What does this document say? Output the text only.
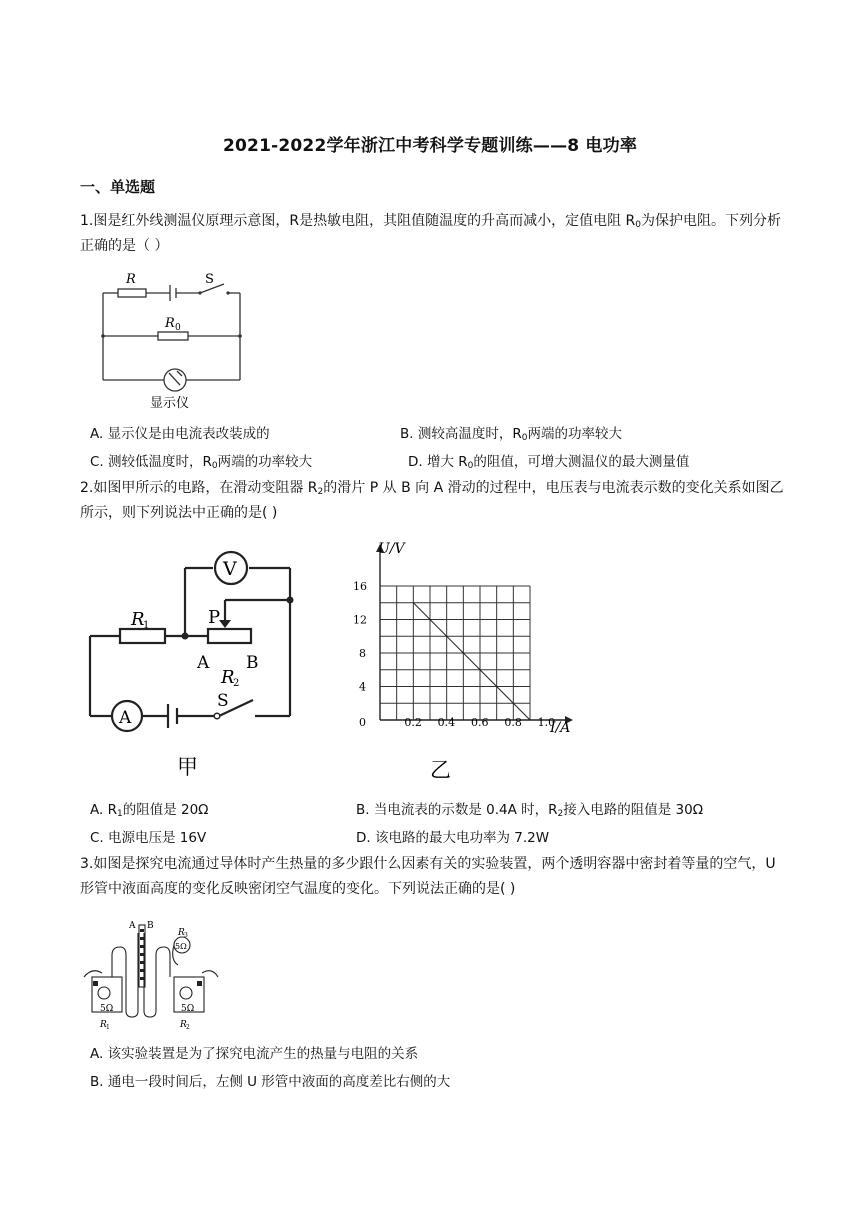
2021-2022学年浙江中考科学专题训练——8 电功率
一、单选题
1.图是红外线测温仪原理示意图，R是热敏电阻，其阻值随温度的升高而减小，定值电阻 $R_0$为保护电阻。下列分析正确的是（ ）
R	S
R 0
显示仪
A. 显示仪是由电流表改装成的	B. 测较高温度时，$R_0$两端的功率较大
C. 测较低温度时，$R_0$两端的功率较大	D. 增大 $R_0$的阻值，可增大测温仪的最大测量值
2.如图甲所示的电路，在滑动变阻器 $R_2$的滑片 P 从 B 向 A 滑动的过程中，电压表与电流表示数的变化关系如图乙所示，则下列说法中正确的是( )
V
A
R
1	P
A B
R
2
S
甲
0.2 0.4 0.6 0.8 1.0
4
8
12
16
U/V
I/A
0
乙
A. $R_1$的阻值是 20Ω	B. 当电流表的示数是 0.4A 时，$R_2$接入电路的阻值是 30Ω
C. 电源电压是 16V	D. 该电路的最大电功率为 7.2W
3.如图是探究电流通过导体时产生热量的多少跟什么因素有关的实验装置，两个透明容器中密封着等量的空气，U 形管中液面高度的变化反映密闭空气温度的变化。下列说法正确的是( )
A B
R 3
5Ω
5Ω	5Ω
R 1	R 2
A. 该实验装置是为了探究电流产生的热量与电阻的关系
B. 通电一段时间后，左侧 U 形管中液面的高度差比右侧的大
